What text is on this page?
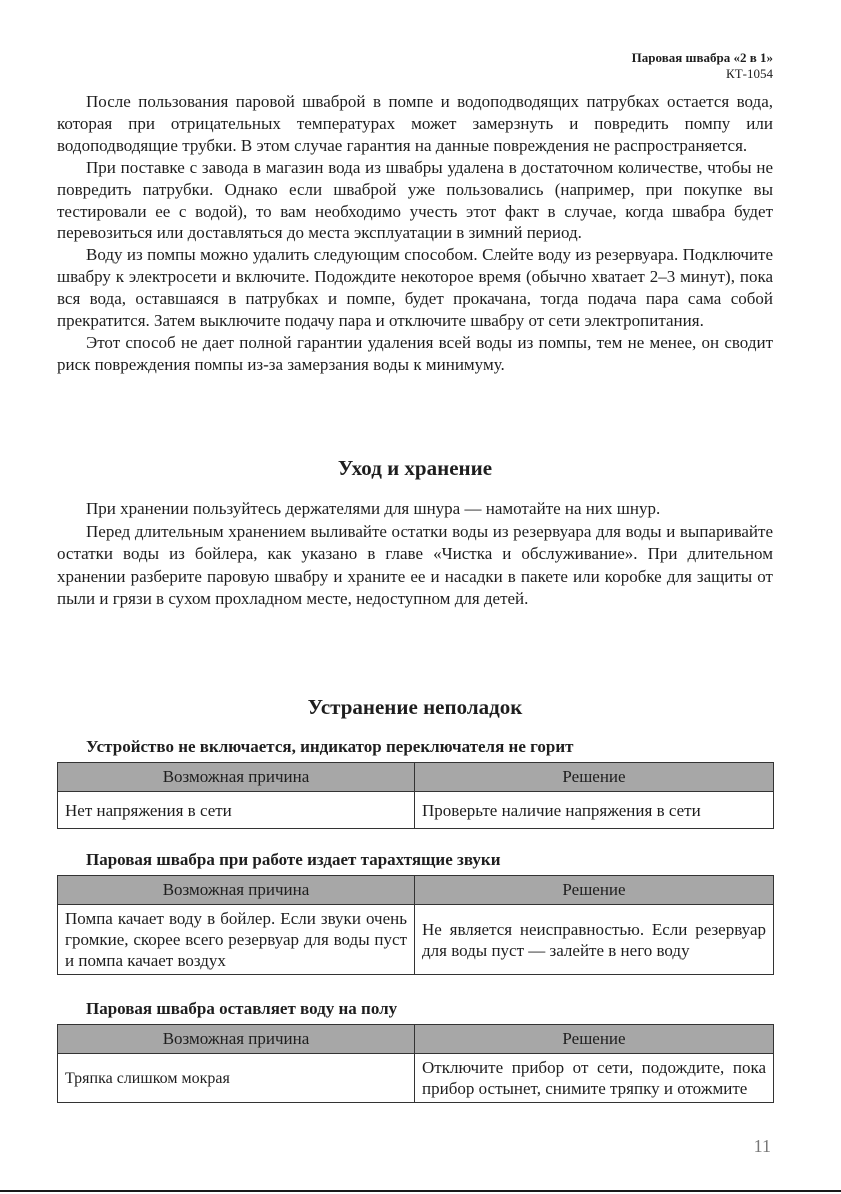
Паровая швабра «2 в 1»
КТ-1054

После пользования паровой шваброй в помпе и водоподводящих патрубках остается вода, которая при отрицательных температурах может замерзнуть и повредить помпу или водоподводящие трубки. В этом случае гарантия на данные повреждения не распространяется.

При поставке с завода в магазин вода из швабры удалена в достаточном количестве, чтобы не повредить патрубки. Однако если шваброй уже пользовались (например, при покупке вы тестировали ее с водой), то вам необходимо учесть этот факт в случае, когда швабра будет перевозиться или доставляться до места эксплуатации в зимний период.

Воду из помпы можно удалить следующим способом. Слейте воду из резервуара. Подключите швабру к электросети и включите. Подождите некоторое время (обычно хватает 2–3 минут), пока вся вода, оставшаяся в патрубках и помпе, будет прокачана, тогда подача пара сама собой прекратится. Затем выключите подачу пара и отключите швабру от сети электропитания.

Этот способ не дает полной гарантии удаления всей воды из помпы, тем не менее, он сводит риск повреждения помпы из-за замерзания воды к минимуму.

Уход и хранение

При хранении пользуйтесь держателями для шнура — намотайте на них шнур.

Перед длительным хранением выливайте остатки воды из резервуара для воды и выпаривайте остатки воды из бойлера, как указано в главе «Чистка и обслуживание». При длительном хранении разберите паровую швабру и храните ее и насадки в пакете или коробке для защиты от пыли и грязи в сухом прохладном месте, недоступном для детей.

Устранение неполадок
Устройство не включается, индикатор переключателя не горит
Возможная причина	Решение
Нет напряжения в сети	Проверьте наличие напряжения в сети
Паровая швабра при работе издает тарахтящие звуки
Возможная причина	Решение
Помпа качает воду в бойлер. Если звуки очень громкие, скорее всего резервуар для воды пуст и помпа качает воздух	Не является неисправностью. Если резервуар для воды пуст — залейте в него воду
Паровая швабра оставляет воду на полу
Возможная причина	Решение
Тряпка слишком мокрая	Отключите прибор от сети, подождите, пока прибор остынет, снимите тряпку и отожмите
11
